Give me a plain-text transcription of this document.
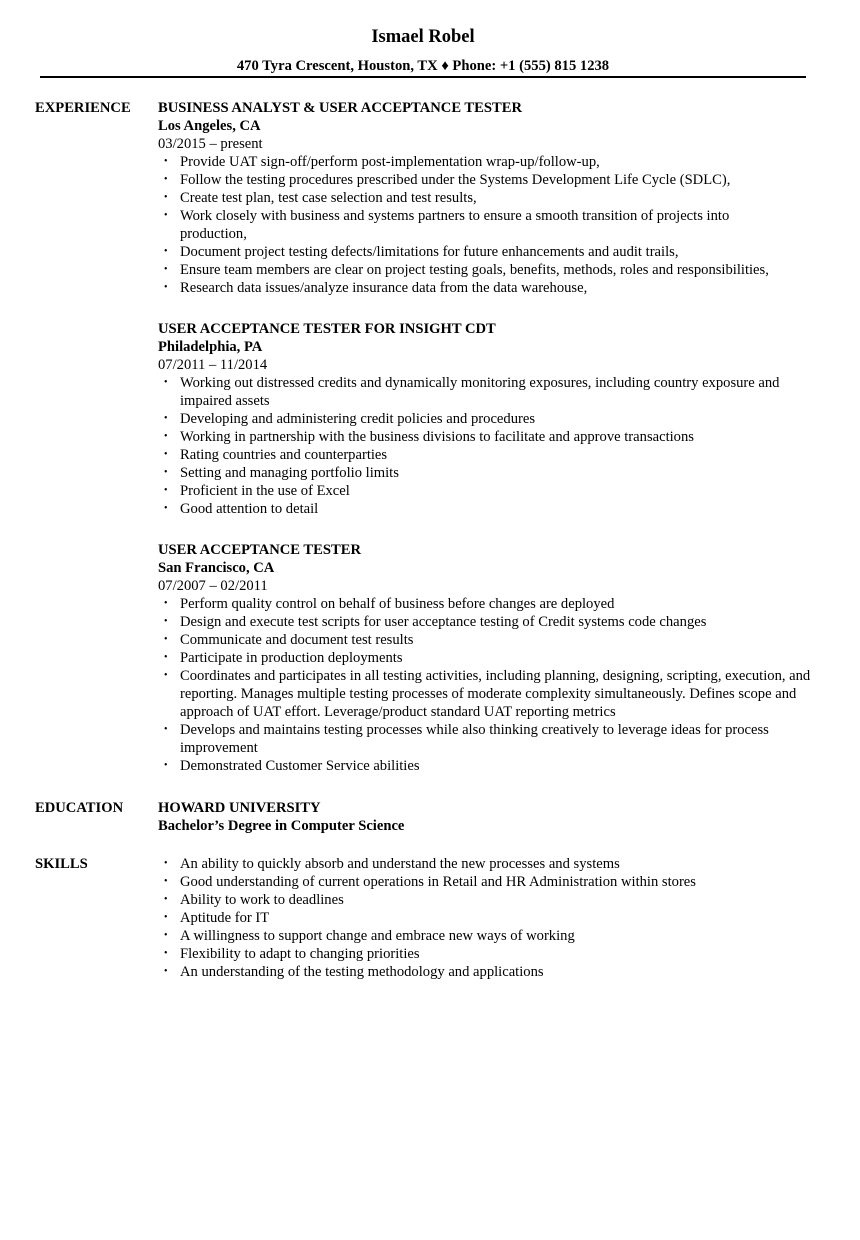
Ismael Robel
470 Tyra Crescent, Houston, TX ♦ Phone: +1 (555) 815 1238
EXPERIENCE BUSINESS ANALYST & USER ACCEPTANCE TESTER
Los Angeles, CA
03/2015 – present
• Provide UAT sign-off/perform post-implementation wrap-up/follow-up,
• Follow the testing procedures prescribed under the Systems Development Life Cycle (SDLC),
• Create test plan, test case selection and test results,
• Work closely with business and systems partners to ensure a smooth transition of projects into production,
• Document project testing defects/limitations for future enhancements and audit trails,
• Ensure team members are clear on project testing goals, benefits, methods, roles and responsibilities,
• Research data issues/analyze insurance data from the data warehouse,
USER ACCEPTANCE TESTER FOR INSIGHT CDT
Philadelphia, PA
07/2011 – 11/2014
• Working out distressed credits and dynamically monitoring exposures, including country exposure and impaired assets
• Developing and administering credit policies and procedures
• Working in partnership with the business divisions to facilitate and approve transactions
• Rating countries and counterparties
• Setting and managing portfolio limits
• Proficient in the use of Excel
• Good attention to detail
USER ACCEPTANCE TESTER
San Francisco, CA
07/2007 – 02/2011
• Perform quality control on behalf of business before changes are deployed
• Design and execute test scripts for user acceptance testing of Credit systems code changes
• Communicate and document test results
• Participate in production deployments
• Coordinates and participates in all testing activities, including planning, designing, scripting, execution, and reporting. Manages multiple testing processes of moderate complexity simultaneously. Defines scope and approach of UAT effort. Leverage/product standard UAT reporting metrics
• Develops and maintains testing processes while also thinking creatively to leverage ideas for process improvement
• Demonstrated Customer Service abilities
EDUCATION HOWARD UNIVERSITY
Bachelor’s Degree in Computer Science
SKILLS	• An ability to quickly absorb and understand the new processes and systems
• Good understanding of current operations in Retail and HR Administration within stores
• Ability to work to deadlines
• Aptitude for IT
• A willingness to support change and embrace new ways of working
• Flexibility to adapt to changing priorities
• An understanding of the testing methodology and applications
